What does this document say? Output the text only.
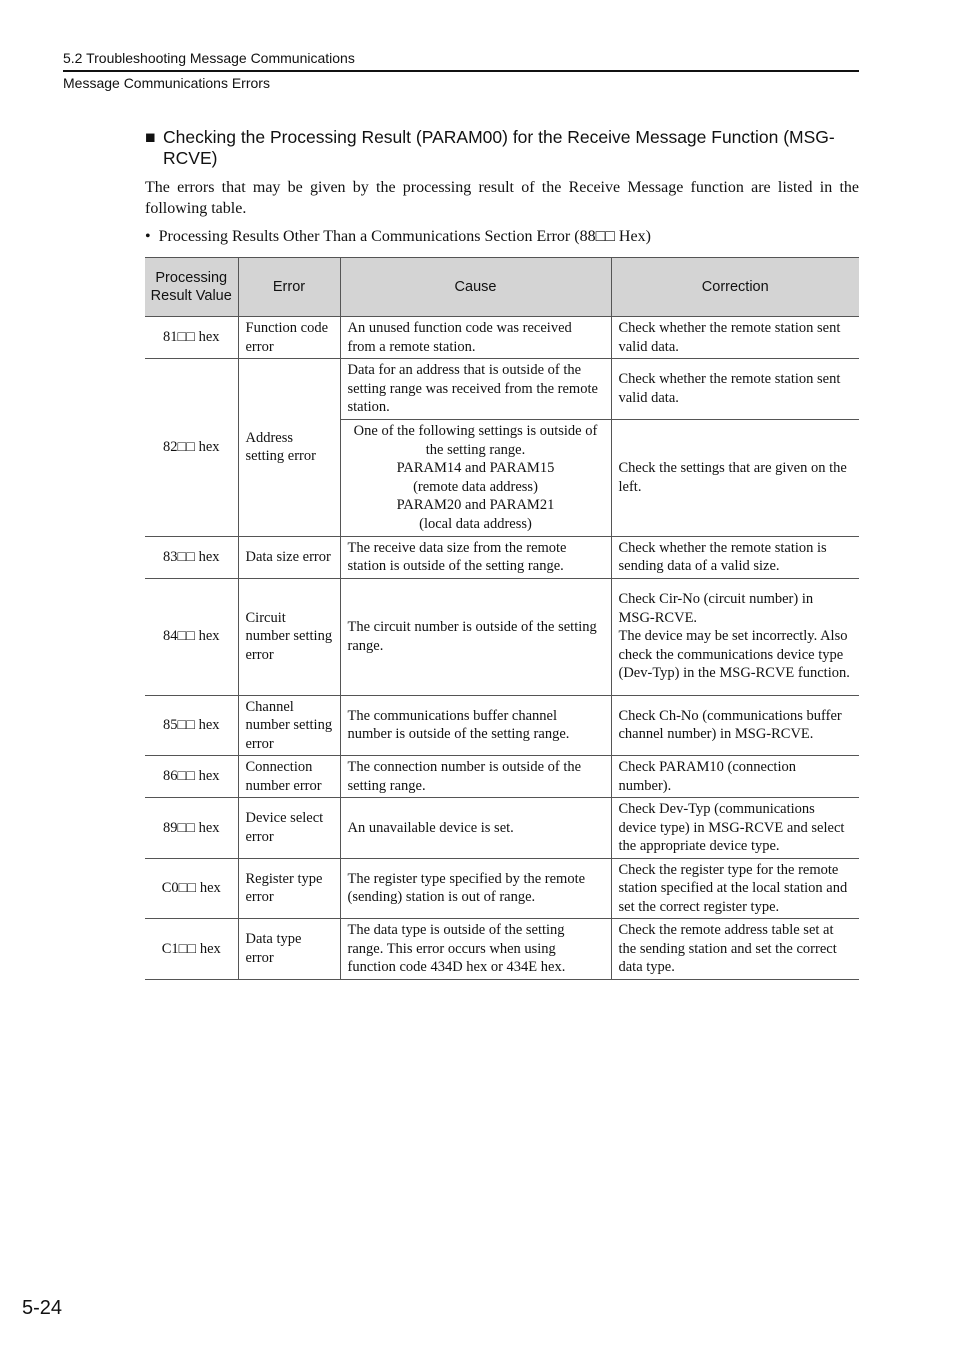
5.2 Troubleshooting Message Communications
Message Communications Errors
■ Checking the Processing Result (PARAM00) for the Receive Message Function (MSG-RCVE)
The errors that may be given by the processing result of the Receive Message function are listed in the following table.
• Processing Results Other Than a Communications Section Error (88□□ Hex)
Processing Result Value	Error	Cause	Correction
81□□ hex	Function code error	An unused function code was received from a remote station.	Check whether the remote station sent valid data.

82□□ hex	Address setting error	Data for an address that is outside of the setting range was received from the remote station.	Check whether the remote station sent valid data.

		One of the following settings is outside of the setting range.
PARAM14 and PARAM15
(remote data address)
PARAM20 and PARAM21
(local data address)	Check the settings that are given on the left.

83□□ hex	Data size error	The receive data size from the remote station is outside of the setting range.	Check whether the remote station is sending data of a valid size.

84□□ hex	Circuit number setting error	The circuit number is outside of the setting range.	Check Cir-No (circuit number) in MSG-RCVE.
The device may be set incorrectly. Also check the communications device type (Dev-Typ) in the MSG-RCVE function.

85□□ hex	Channel number setting error	The communications buffer channel number is outside of the setting range.	Check Ch-No (communications buffer channel number) in MSG-RCVE.

86□□ hex	Connection number error	The connection number is outside of the setting range.	Check PARAM10 (connection number).

89□□ hex	Device select error	An unavailable device is set.	Check Dev-Typ (communications device type) in MSG-RCVE and select the appropriate device type.

C0□□ hex	Register type error	The register type specified by the remote (sending) station is out of range.	Check the register type for the remote station specified at the local station and set the correct register type.

C1□□ hex	Data type error	The data type is outside of the setting range. This error occurs when using function code 434D hex or 434E hex.	Check the remote address table set at the sending station and set the correct data type.
5-24
